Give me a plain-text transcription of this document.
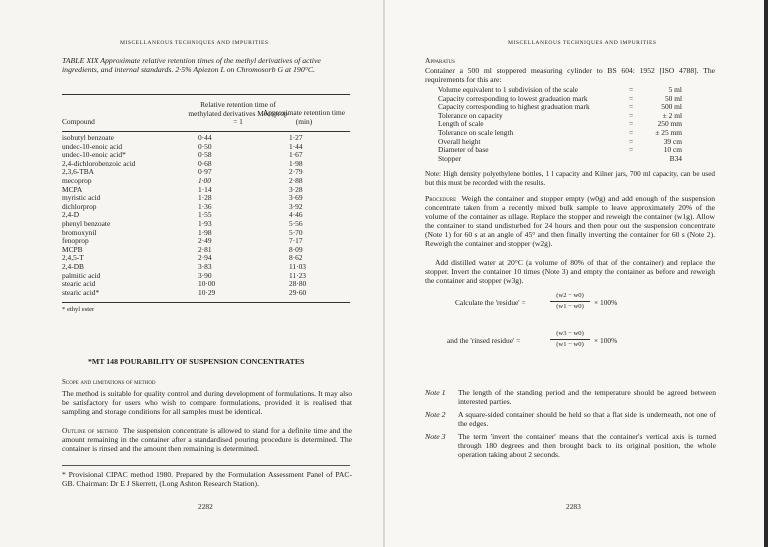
MISCELLANEOUS TECHNIQUES AND IMPURITIES
TABLE XIX Approximate relative retention times of the methyl derivatives of active ingredients, and internal standards. 2·5% Apiezon L on Chromosorb G at 190°C.
Compound
Relative retention time of methylated derivatives Mecoprop = 1
Approximate retention time (min)
isobutyl benzoate	0·44	1·27
undec-10-enoic acid	0·50	1·44
undec-10-enoic acid*	0·58	1·67
2,4-dichlorobenzoic acid	0·68	1·98
2,3,6-TBA	0·97	2·79
mecoprop	1·00	2·88
MCPA	1·14	3·28
myristic acid	1·28	3·69
dichlorprop	1·36	3·92
2,4-D	1·55	4·46
phenyl benzoate	1·93	5·56
bromoxynil	1·98	5·70
fenoprop	2·49	7·17
MCPB	2·81	8·09
2,4,5-T	2·94	8·62
2,4-DB	3·83	11·03
palmitic acid	3·90	11·23
stearic acid	10·00	28·80
stearic acid*	10·29	29·60
* ethyl ester
*MT 148 POURABILITY OF SUSPENSION CONCENTRATES
Scope and limitations of method
The method is suitable for quality control and during development of formulations. It may also be satisfactory for users who wish to compare formulations, provided it is realised that sampling and storage conditions for all samples must be identical.
Outline of method The suspension concentrate is allowed to stand for a definite time and the amount remaining in the container after a standardised pouring procedure is determined. The container is rinsed and the amount then remaining is determined.
* Provisional CIPAC method 1980. Prepared by the Formulation Assessment Panel of PAC-GB. Chairman: Dr E J Skerrett, (Long Ashton Research Station).
2282
MISCELLANEOUS TECHNIQUES AND IMPURITIES
Apparatus
Container a 500 ml stoppered measuring cylinder to BS 604: 1952 [ISO 4788]. The requirements for this are:
Volume equivalent to 1 subdivision of the scale	=	5 ml
Capacity corresponding to lowest graduation mark	=	50 ml
Capacity corresponding to highest graduation mark	=	500 ml
Tolerance on capacity	=	± 2 ml
Length of scale	=	250 mm
Tolerance on scale length	=	± 25 mm
Overall height	=	39 cm
Diameter of base	=	10 cm
Stopper	B34
Note: High density polyethylene bottles, 1 l capacity and Kilner jars, 700 ml capacity, can be used but this must be recorded with the results.
Procedure Weigh the container and stopper empty (w0g) and add enough of the suspension concentrate taken from a recently mixed bulk sample to leave approximately 20% of the volume of the container as ullage. Replace the stopper and reweigh the container (w1g). Allow the container to stand undisturbed for 24 hours and then pour out the suspension concentrate (Note 1) for 60 s at an angle of 45° and then finally inverting the container for 60 s (Note 2). Reweigh the container and stopper (w2g).
Add distilled water at 20°C (a volume of 80% of that of the container) and replace the stopper. Invert the container 10 times (Note 3) and empty the container as before and reweigh the container and stopper (w3g).
Calculate the 'residue' =
(w2 − w0)
(w1 − w0)	× 100%
and the 'rinsed residue' =
(w3 − w0)
(w1 − w0)	× 100%
Note 1 The length of the standing period and the temperature should be agreed between interested parties.
Note 2 A square-sided container should be held so that a flat side is underneath, not one of the edges.
Note 3 The term 'invert the container' means that the container's vertical axis is turned through 180 degrees and then brought back to its original position, the whole operation taking about 2 seconds.
2283
